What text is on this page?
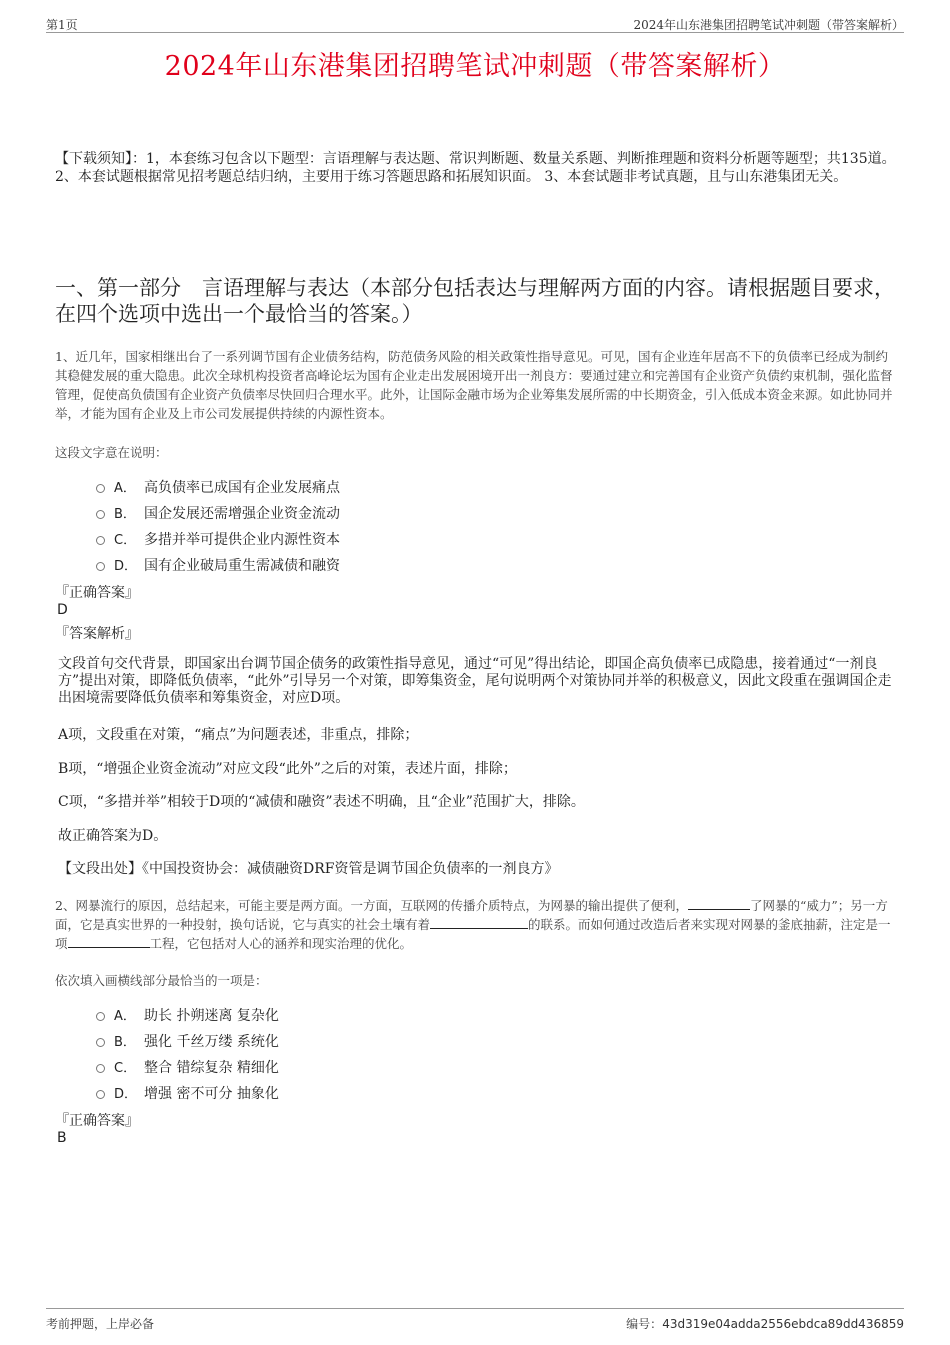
第1页	2024年山东港集团招聘笔试冲刺题（带答案解析）
2024年山东港集团招聘笔试冲刺题（带答案解析）
【下载须知】：1，本套练习包含以下题型：言语理解与表达题、常识判断题、数量关系题、判断推理题和资料分析题等题型；共135道。 2、本套试题根据常见招考题总结归纳，主要用于练习答题思路和拓展知识面。 3、本套试题非考试真题，且与山东港集团无关。
一、第一部分　言语理解与表达（本部分包括表达与理解两方面的内容。请根据题目要求，在四个选项中选出一个最恰当的答案。）
1、近几年，国家相继出台了一系列调节国有企业债务结构，防范债务风险的相关政策性指导意见。可见，国有企业连年居高不下的负债率已经成为制约其稳健发展的重大隐患。此次全球机构投资者高峰论坛为国有企业走出发展困境开出一剂良方：要通过建立和完善国有企业资产负债约束机制，强化监督管理，促使高负债国有企业资产负债率尽快回归合理水平。此外，让国际金融市场为企业筹集发展所需的中长期资金，引入低成本资金来源。如此协同并举，才能为国有企业及上市公司发展提供持续的内源性资本。
这段文字意在说明：
A． 高负债率已成国有企业发展痛点
B． 国企发展还需增强企业资金流动
C． 多措并举可提供企业内源性资本
D． 国有企业破局重生需减债和融资
『正确答案』
D
『答案解析』
文段首句交代背景，即国家出台调节国企债务的政策性指导意见，通过“可见”得出结论，即国企高负债率已成隐患，接着通过“一剂良方”提出对策，即降低负债率，“此外”引导另一个对策，即筹集资金，尾句说明两个对策协同并举的积极意义，因此文段重在强调国企走出困境需要降低负债率和筹集资金，对应D项。
A项，文段重在对策，“痛点”为问题表述，非重点，排除；
B项，“增强企业资金流动”对应文段“此外”之后的对策，表述片面，排除；
C项，“多措并举”相较于D项的“减债和融资”表述不明确，且“企业”范围扩大，排除。
故正确答案为D。
【文段出处】《中国投资协会：减债融资DRF资管是调节国企负债率的一剂良方》
2、网暴流行的原因，总结起来，可能主要是两方面。一方面，互联网的传播介质特点，为网暴的输出提供了便利，	了网暴的“威力”；另一方面，它是真实世界的一种投射，换句话说，它与真实的社会土壤有着	的联系。而如何通过改造后者来实现对网暴的釜底抽薪，注定是一项	工程，它包括对人心的涵养和现实治理的优化。
依次填入画横线部分最恰当的一项是：
A． 助长 扑朔迷离 复杂化
B． 强化 千丝万缕 系统化
C． 整合 错综复杂 精细化
D． 增强 密不可分 抽象化
『正确答案』
B
考前押题，上岸必备	编号：43d319e04adda2556ebdca89dd436859
